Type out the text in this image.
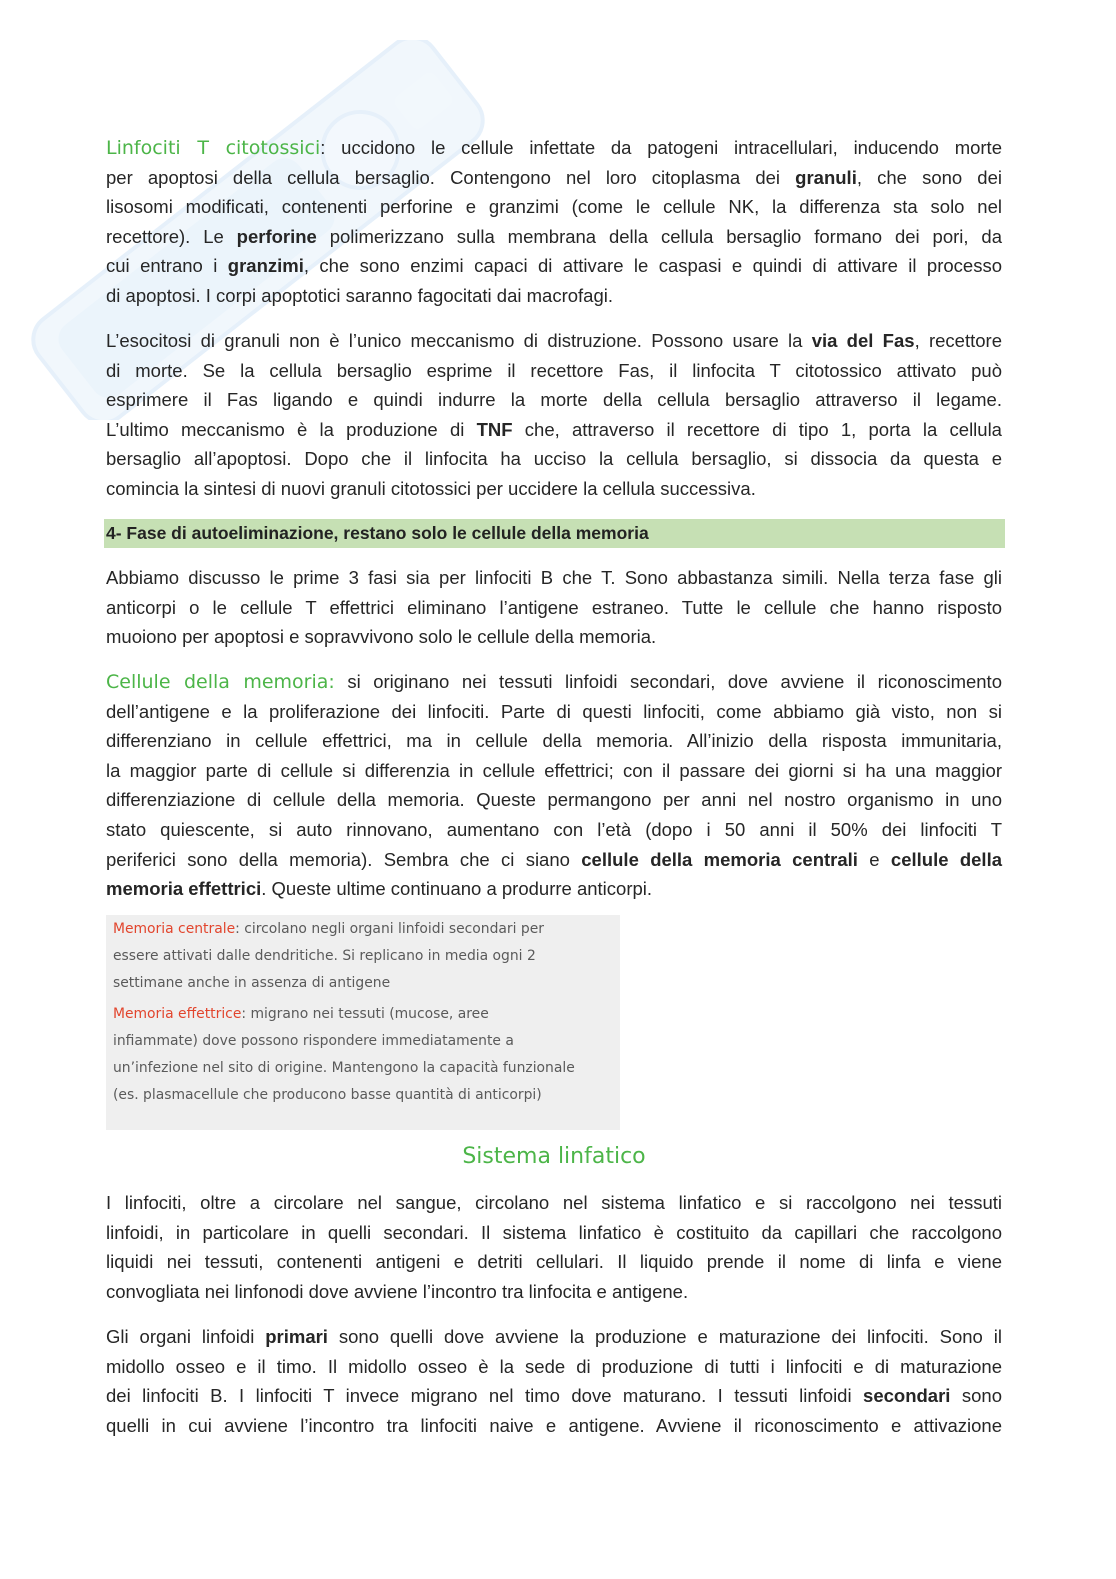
Linfociti T citotossici: uccidono le cellule infettate da patogeni intracellulari, inducendo morte
per apoptosi della cellula bersaglio. Contengono nel loro citoplasma dei granuli, che sono dei
lisosomi modificati, contenenti perforine e granzimi (come le cellule NK, la differenza sta solo nel
recettore). Le perforine polimerizzano sulla membrana della cellula bersaglio formano dei pori, da
cui entrano i granzimi, che sono enzimi capaci di attivare le caspasi e quindi di attivare il processo
di apoptosi. I corpi apoptotici saranno fagocitati dai macrofagi.
L’esocitosi di granuli non è l’unico meccanismo di distruzione. Possono usare la via del Fas, recettore
di morte. Se la cellula bersaglio esprime il recettore Fas, il linfocita T citotossico attivato può
esprimere il Fas ligando e quindi indurre la morte della cellula bersaglio attraverso il legame.
L’ultimo meccanismo è la produzione di TNF che, attraverso il recettore di tipo 1, porta la cellula
bersaglio all’apoptosi. Dopo che il linfocita ha ucciso la cellula bersaglio, si dissocia da questa e
comincia la sintesi di nuovi granuli citotossici per uccidere la cellula successiva.
4- Fase di autoeliminazione, restano solo le cellule della memoria
Abbiamo discusso le prime 3 fasi sia per linfociti B che T. Sono abbastanza simili. Nella terza fase gli
anticorpi o le cellule T effettrici eliminano l’antigene estraneo. Tutte le cellule che hanno risposto
muoiono per apoptosi e sopravvivono solo le cellule della memoria.
Cellule della memoria: si originano nei tessuti linfoidi secondari, dove avviene il riconoscimento
dell’antigene e la proliferazione dei linfociti. Parte di questi linfociti, come abbiamo già visto, non si
differenziano in cellule effettrici, ma in cellule della memoria. All’inizio della risposta immunitaria,
la maggior parte di cellule si differenzia in cellule effettrici; con il passare dei giorni si ha una maggior
differenziazione di cellule della memoria. Queste permangono per anni nel nostro organismo in uno
stato quiescente, si auto rinnovano, aumentano con l’età (dopo i 50 anni il 50% dei linfociti T
periferici sono della memoria). Sembra che ci siano cellule della memoria centrali e cellule della
memoria effettrici. Queste ultime continuano a produrre anticorpi.
Memoria centrale: circolano negli organi linfoidi secondari per
essere attivati dalle dendritiche. Si replicano in media ogni 2
settimane anche in assenza di antigene
Memoria effettrice: migrano nei tessuti (mucose, aree
infiammate) dove possono rispondere immediatamente a
un’infezione nel sito di origine. Mantengono la capacità funzionale
(es. plasmacellule che producono basse quantità di anticorpi)
Sistema linfatico
I linfociti, oltre a circolare nel sangue, circolano nel sistema linfatico e si raccolgono nei tessuti
linfoidi, in particolare in quelli secondari. Il sistema linfatico è costituito da capillari che raccolgono
liquidi nei tessuti, contenenti antigeni e detriti cellulari. Il liquido prende il nome di linfa e viene
convogliata nei linfonodi dove avviene l’incontro tra linfocita e antigene.
Gli organi linfoidi primari sono quelli dove avviene la produzione e maturazione dei linfociti. Sono il
midollo osseo e il timo. Il midollo osseo è la sede di produzione di tutti i linfociti e di maturazione
dei linfociti B. I linfociti T invece migrano nel timo dove maturano. I tessuti linfoidi secondari sono
quelli in cui avviene l’incontro tra linfociti naive e antigene. Avviene il riconoscimento e attivazione
